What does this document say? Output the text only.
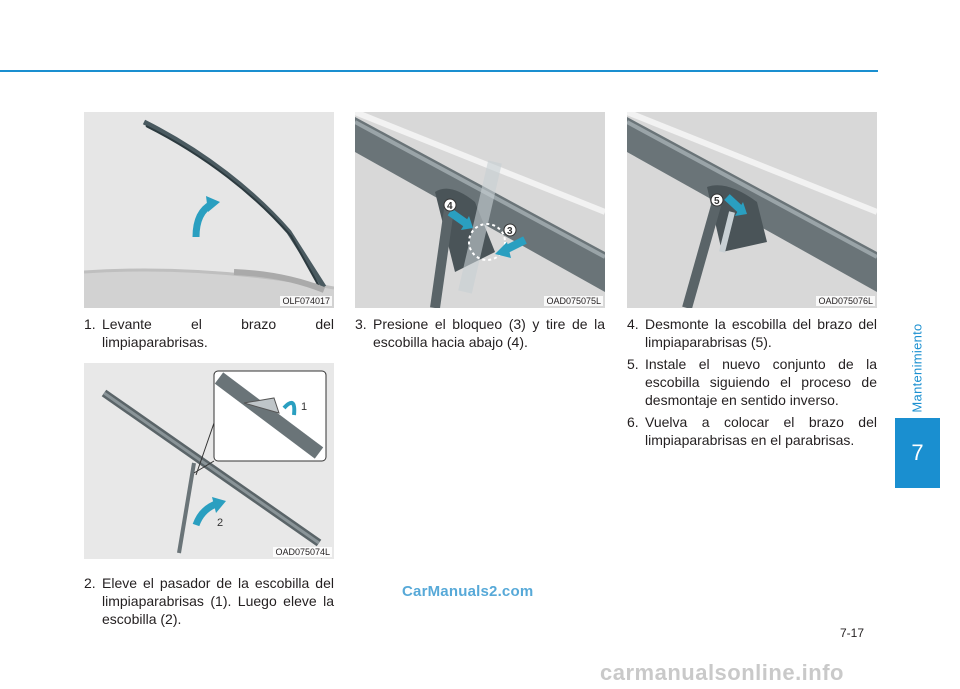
Mantenimiento
7
OLF074017
1
2
OAD075074L
4
3
OAD075075L
5
OAD075076L
1. Levante el brazo del limpiaparabrisas.
2. Eleve el pasador de la escobilla del limpiaparabrisas (1). Luego eleve la escobilla (2).
3. Presione el bloqueo (3) y tire de la escobilla hacia abajo (4).
4. Desmonte la escobilla del brazo del limpiaparabrisas (5).
5. Instale el nuevo conjunto de la escobilla siguiendo el proceso de desmontaje en sentido inverso.
6. Vuelva a colocar el brazo del limpiaparabrisas en el parabrisas.
7-17
CarManuals2.com
carmanualsonline.info
